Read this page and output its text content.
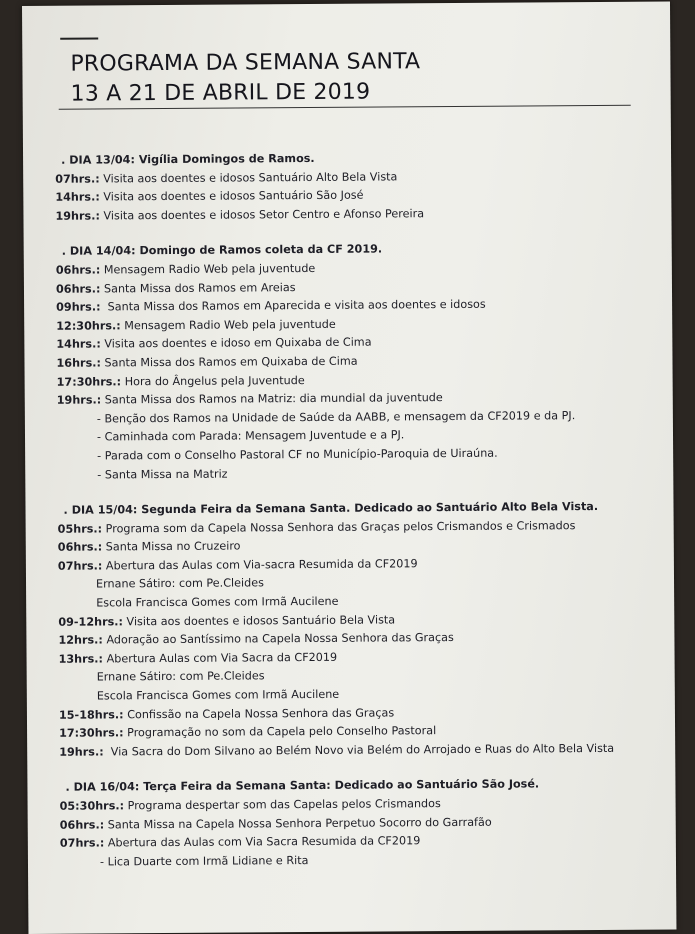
PROGRAMA DA SEMANA SANTA
13 A 21 DE ABRIL DE 2019
. DIA 13/04: Vigília Domingos de Ramos.
07hrs.: Visita aos doentes e idosos Santuário Alto Bela Vista
14hrs.: Visita aos doentes e idosos Santuário São José
19hrs.: Visita aos doentes e idosos Setor Centro e Afonso Pereira
. DIA 14/04: Domingo de Ramos coleta da CF 2019.
06hrs.: Mensagem Radio Web pela juventude
06hrs.: Santa Missa dos Ramos em Areias
09hrs.:  Santa Missa dos Ramos em Aparecida e visita aos doentes e idosos
12:30hrs.: Mensagem Radio Web pela juventude
14hrs.: Visita aos doentes e idoso em Quixaba de Cima
16hrs.: Santa Missa dos Ramos em Quixaba de Cima
17:30hrs.: Hora do Ângelus pela Juventude
19hrs.: Santa Missa dos Ramos na Matriz: dia mundial da juventude
- Benção dos Ramos na Unidade de Saúde da AABB, e mensagem da CF2019 e da PJ.
- Caminhada com Parada: Mensagem Juventude e a PJ.
- Parada com o Conselho Pastoral CF no Município-Paroquia de Uiraúna.
- Santa Missa na Matriz
. DIA 15/04: Segunda Feira da Semana Santa. Dedicado ao Santuário Alto Bela Vista.
05hrs.: Programa som da Capela Nossa Senhora das Graças pelos Crismandos e Crismados
06hrs.: Santa Missa no Cruzeiro
07hrs.: Abertura das Aulas com Via-sacra Resumida da CF2019
Ernane Sátiro: com Pe.Cleides
Escola Francisca Gomes com Irmã Aucilene
09-12hrs.: Visita aos doentes e idosos Santuário Bela Vista
12hrs.: Adoração ao Santíssimo na Capela Nossa Senhora das Graças
13hrs.: Abertura Aulas com Via Sacra da CF2019
Ernane Sátiro: com Pe.Cleides
Escola Francisca Gomes com Irmã Aucilene
15-18hrs.: Confissão na Capela Nossa Senhora das Graças
17:30hrs.: Programação no som da Capela pelo Conselho Pastoral
19hrs.:  Via Sacra do Dom Silvano ao Belém Novo via Belém do Arrojado e Ruas do Alto Bela Vista
. DIA 16/04: Terça Feira da Semana Santa: Dedicado ao Santuário São José.
05:30hrs.: Programa despertar som das Capelas pelos Crismandos
06hrs.: Santa Missa na Capela Nossa Senhora Perpetuo Socorro do Garrafão
07hrs.: Abertura das Aulas com Via Sacra Resumida da CF2019
- Lica Duarte com Irmã Lidiane e Rita
